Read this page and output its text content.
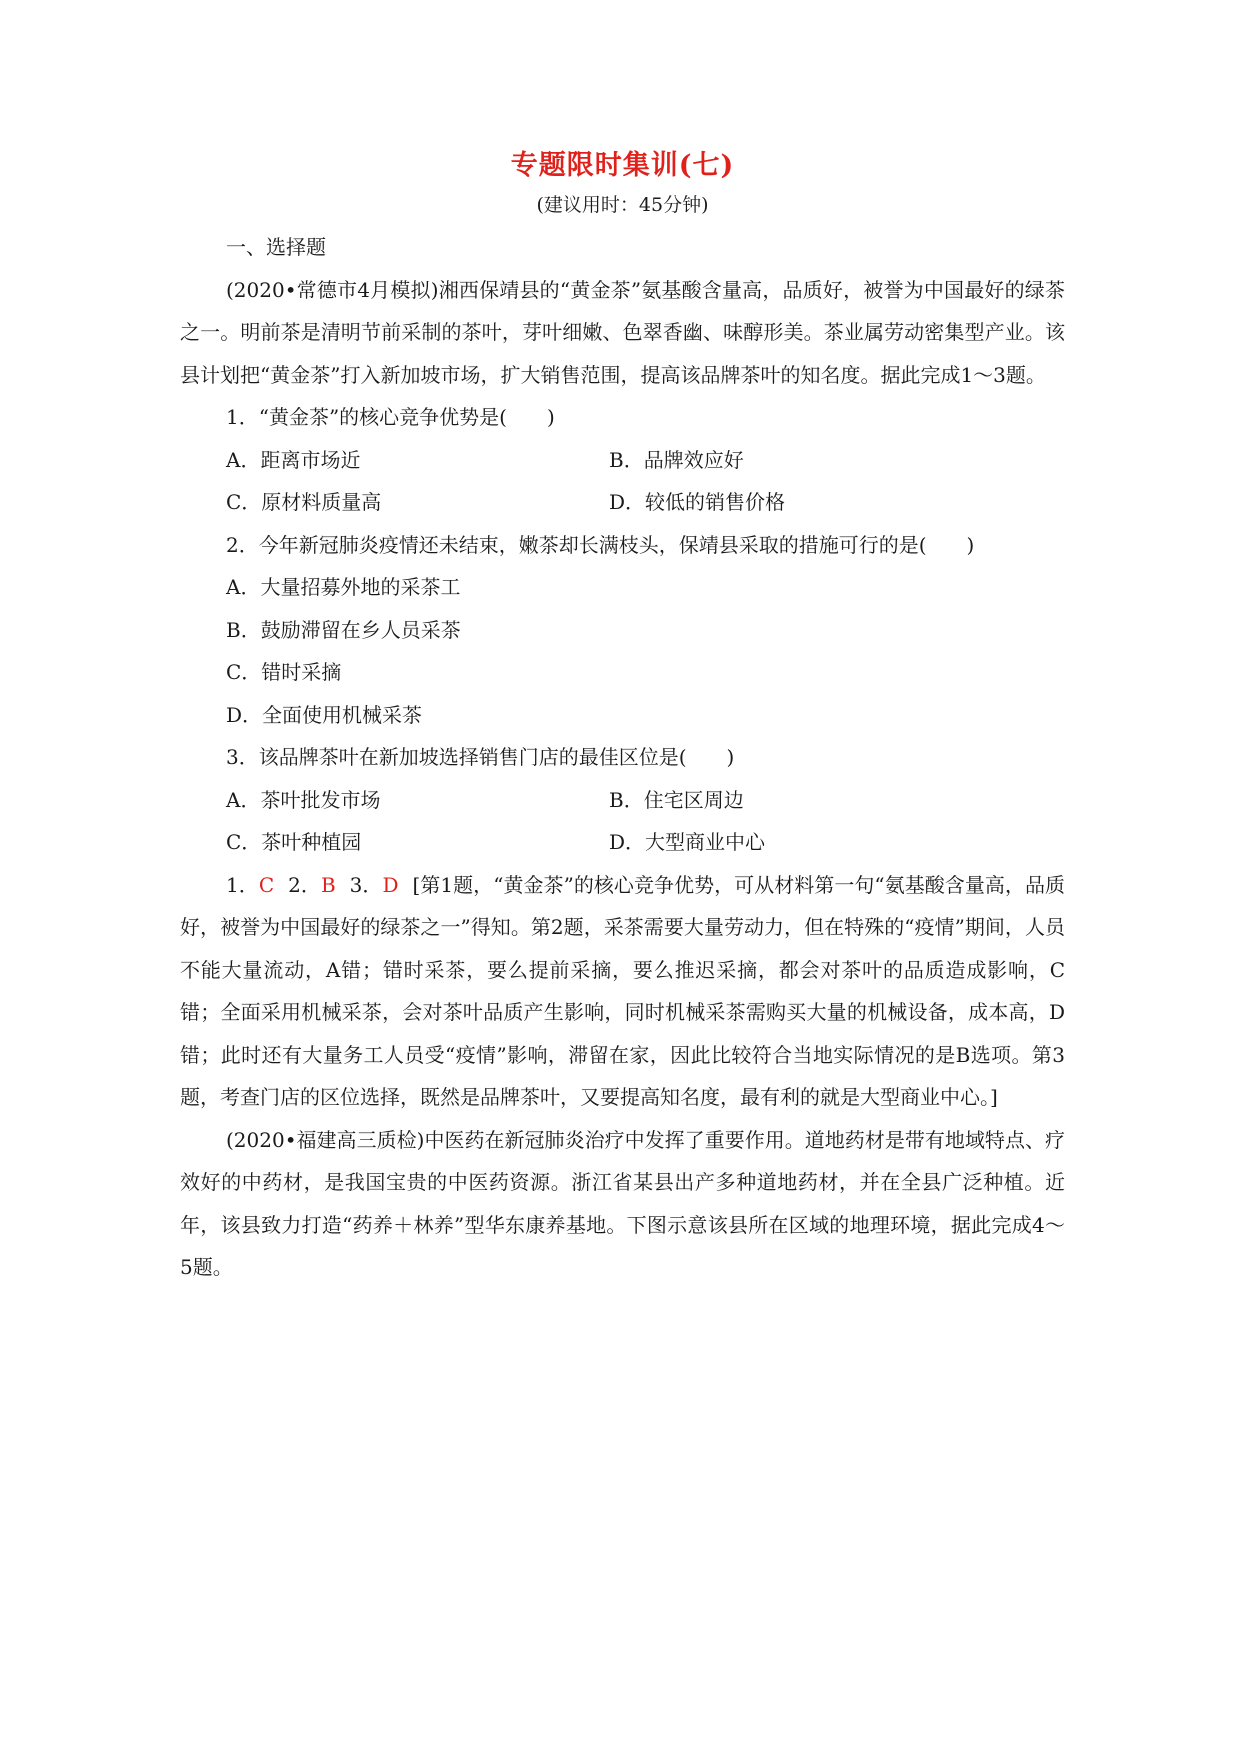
专题限时集训(七)
(建议用时：45分钟)
一、选择题

(2020•常德市4月模拟)湘西保靖县的“黄金茶”氨基酸含量高，品质好，被誉为中国最好的绿茶之一。明前茶是清明节前采制的茶叶，芽叶细嫩、色翠香幽、味醇形美。茶业属劳动密集型产业。该县计划把“黄金茶”打入新加坡市场，扩大销售范围，提高该品牌茶叶的知名度。据此完成1～3题。

1．“黄金茶”的核心竞争优势是(　　)
A．距离市场近	B．品牌效应好
C．原材料质量高	D．较低的销售价格
2．今年新冠肺炎疫情还未结束，嫩茶却长满枝头，保靖县采取的措施可行的是(　　)
A．大量招募外地的采茶工
B．鼓励滞留在乡人员采茶
C．错时采摘
D．全面使用机械采茶
3．该品牌茶叶在新加坡选择销售门店的最佳区位是(　　)
A．茶叶批发市场	B．住宅区周边
C．茶叶种植园	D．大型商业中心

1．C 2．B 3．D [第1题，“黄金茶”的核心竞争优势，可从材料第一句“氨基酸含量高，品质好，被誉为中国最好的绿茶之一”得知。第2题，采茶需要大量劳动力，但在特殊的“疫情”期间，人员不能大量流动，A错；错时采茶，要么提前采摘，要么推迟采摘，都会对茶叶的品质造成影响，C错；全面采用机械采茶，会对茶叶品质产生影响，同时机械采茶需购买大量的机械设备，成本高，D错；此时还有大量务工人员受“疫情”影响，滞留在家，因此比较符合当地实际情况的是B选项。第3题，考查门店的区位选择，既然是品牌茶叶，又要提高知名度，最有利的就是大型商业中心。]

(2020•福建高三质检)中医药在新冠肺炎治疗中发挥了重要作用。道地药材是带有地域特点、疗效好的中药材，是我国宝贵的中医药资源。浙江省某县出产多种道地药材，并在全县广泛种植。近年，该县致力打造“药养＋林养”型华东康养基地。下图示意该县所在区域的地理环境，据此完成4～5题。
